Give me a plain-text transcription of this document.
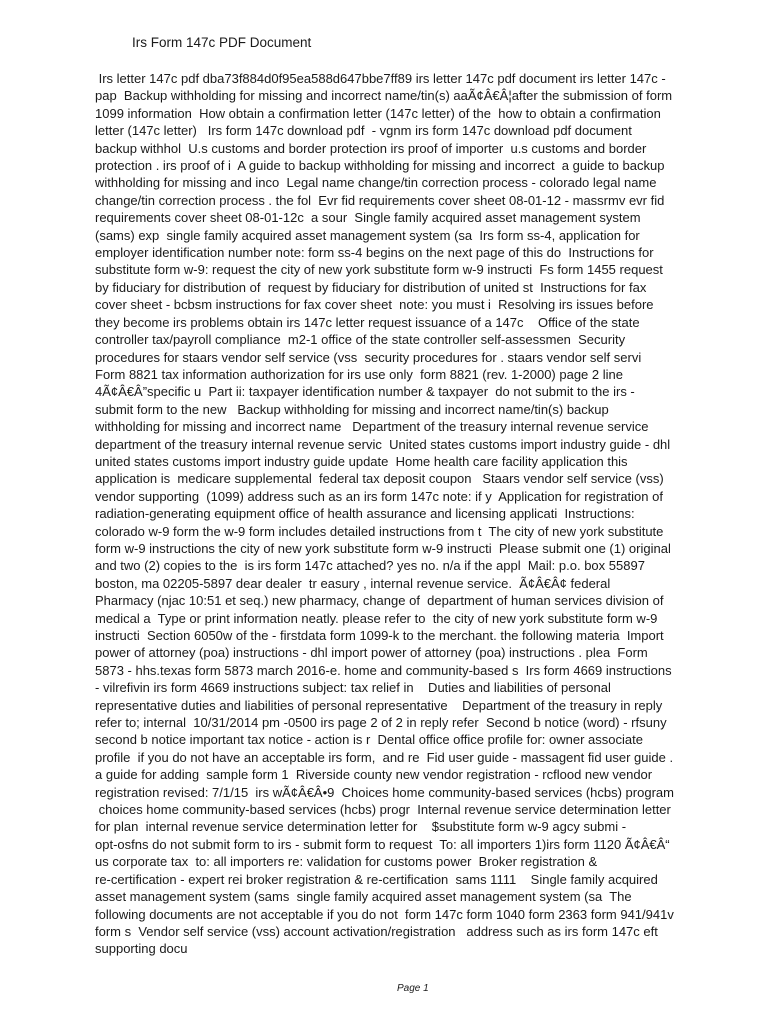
Irs Form 147c PDF Document
Irs letter 147c pdf dba73f884d0f95ea588d647bbe7ff89 irs letter 147c pdf document irs letter 147c -
pap  Backup withholding for missing and incorrect name/tin(s) aaÃ¢Â€Â¦after the submission of form
1099 information  How obtain a confirmation letter (147c letter) of the  how to obtain a confirmation
letter (147c letter)   Irs form 147c download pdf  - vgnm irs form 147c download pdf document
backup withhol  U.s customs and border protection irs proof of importer  u.s customs and border
protection . irs proof of i  A guide to backup withholding for missing and incorrect  a guide to backup
withholding for missing and inco  Legal name change/tin correction process - colorado legal name
change/tin correction process . the fol  Evr fid requirements cover sheet 08-01-12 - massrmv evr fid
requirements cover sheet 08-01-12c  a sour  Single family acquired asset management system
(sams) exp  single family acquired asset management system (sa  Irs form ss-4, application for
employer identification number note: form ss-4 begins on the next page of this do  Instructions for
substitute form w-9: request the city of new york substitute form w-9 instructi  Fs form 1455 request
by fiduciary for distribution of  request by fiduciary for distribution of united st  Instructions for fax
cover sheet - bcbsm instructions for fax cover sheet  note: you must i  Resolving irs issues before
they become irs problems obtain irs 147c letter request issuance of a 147c    Office of the state
controller tax/payroll compliance  m2-1 office of the state controller self-assessmen  Security
procedures for staars vendor self service (vss  security procedures for . staars vendor self servi
Form 8821 tax information authorization for irs use only  form 8821 (rev. 1-2000) page 2 line
4Ã¢Â€Â”specific u  Part ii: taxpayer identification number & taxpayer  do not submit to the irs -
submit form to the new   Backup withholding for missing and incorrect name/tin(s) backup
withholding for missing and incorrect name   Department of the treasury internal revenue service
department of the treasury internal revenue servic  United states customs import industry guide - dhl
united states customs import industry guide update  Home health care facility application this
application is  medicare supplemental  federal tax deposit coupon   Staars vendor self service (vss)
vendor supporting  (1099) address such as an irs form 147c note: if y  Application for registration of
radiation-generating equipment office of health assurance and licensing applicati  Instructions:
colorado w-9 form the w-9 form includes detailed instructions from t  The city of new york substitute
form w-9 instructions the city of new york substitute form w-9 instructi  Please submit one (1) original
and two (2) copies to the  is irs form 147c attached? yes no. n/a if the appl  Mail: p.o. box 55897
boston, ma 02205-5897 dear dealer  tr easury , internal revenue service.  Ã¢Â€Â¢ federal
Pharmacy (njac 10:51 et seq.) new pharmacy, change of  department of human services division of
medical a  Type or print information neatly. please refer to  the city of new york substitute form w-9
instructi  Section 6050w of the - firstdata form 1099-k to the merchant. the following materia  Import
power of attorney (poa) instructions - dhl import power of attorney (poa) instructions . plea  Form
5873 - hhs.texas form 5873 march 2016-e. home and community-based s  Irs form 4669 instructions
- vilrefivin irs form 4669 instructions subject: tax relief in    Duties and liabilities of personal
representative duties and liabilities of personal representative    Department of the treasury in reply
refer to; internal  10/31/2014 pm -0500 irs page 2 of 2 in reply refer  Second b notice (word) - rfsuny
second b notice important tax notice - action is r  Dental office office profile for: owner associate
profile  if you do not have an acceptable irs form,  and re  Fid user guide - massagent fid user guide .
a guide for adding  sample form 1  Riverside county new vendor registration - rcflood new vendor
registration revised: 7/1/15  irs wÃ¢Â€Â•9  Choices home community-based services (hcbs) program
choices home community-based services (hcbs) progr  Internal revenue service determination letter
for plan  internal revenue service determination letter for    $substitute form w-9 agcy submi -
opt-osfns do not submit form to irs - submit form to request  To: all importers 1)irs form 1120 Ã¢Â€Â“
us corporate tax  to: all importers re: validation for customs power  Broker registration &
re-certification - expert rei broker registration & re-certification  sams 1111    Single family acquired
asset management system (sams  single family acquired asset management system (sa  The
following documents are not acceptable if you do not  form 147c form 1040 form 2363 form 941/941v
form s  Vendor self service (vss) account activation/registration   address such as irs form 147c eft
supporting docu
Page 1
